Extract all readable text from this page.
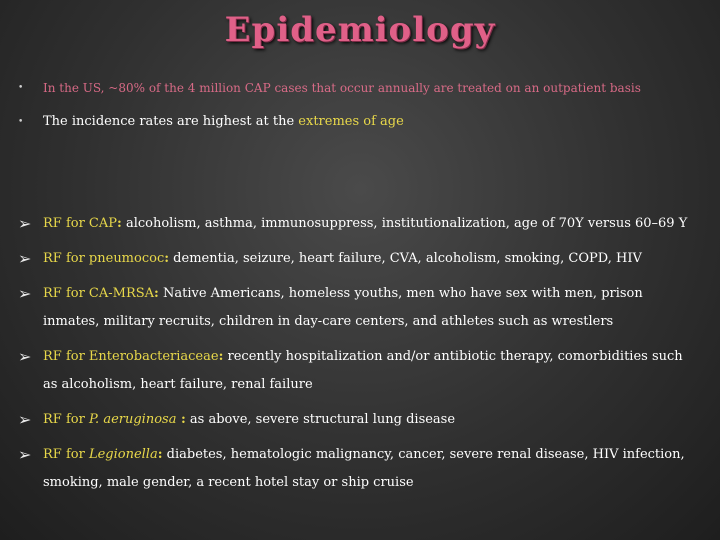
Epidemiology
• In the US, ~80% of the 4 million CAP cases that occur annually are treated on an outpatient basis
• The incidence rates are highest at the extremes of age
➢ RF for CAP: alcoholism, asthma, immunosuppress, institutionalization, age of 70Y versus 60–69 Y
➢ RF for pneumococ: dementia, seizure, heart failure, CVA, alcoholism, smoking, COPD, HIV
➢ RF for CA-MRSA: Native Americans, homeless youths, men who have sex with men, prison
inmates, military recruits, children in day-care centers, and athletes such as wrestlers
➢ RF for Enterobacteriaceae: recently hospitalization and/or antibiotic therapy, comorbidities such
as alcoholism, heart failure, renal failure
➢ RF for P. aeruginosa : as above, severe structural lung disease
➢ RF for Legionella: diabetes, hematologic malignancy, cancer, severe renal disease, HIV infection,
smoking, male gender, a recent hotel stay or ship cruise
